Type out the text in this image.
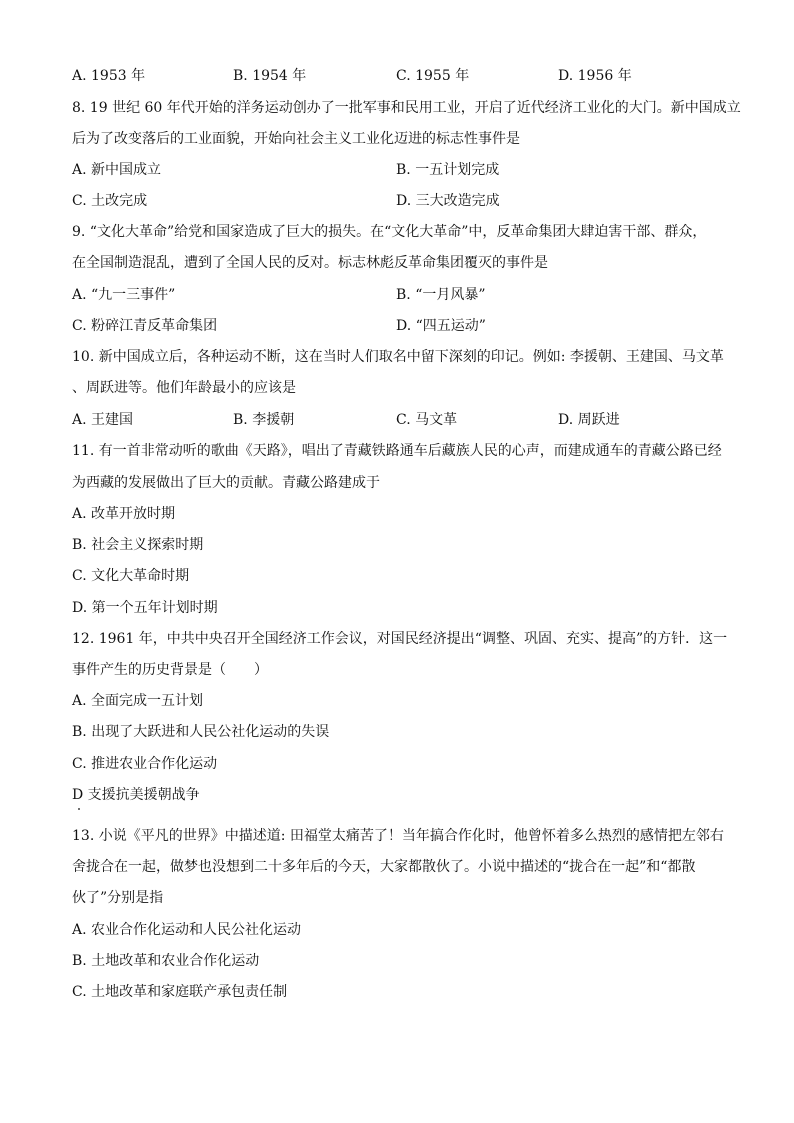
A. 1953 年	B. 1954 年	C. 1955 年	D. 1956 年
8. 19 世纪 60 年代开始的洋务运动创办了一批军事和民用工业，开启了近代经济工业化的大门。新中国成立
后为了改变落后的工业面貌，开始向社会主义工业化迈进的标志性事件是
A. 新中国成立	B. 一五计划完成
C. 土改完成	D. 三大改造完成
9. “文化大革命”给党和国家造成了巨大的损失。在“文化大革命”中，反革命集团大肆迫害干部、群众，
在全国制造混乱，遭到了全国人民的反对。标志林彪反革命集团覆灭的事件是
A. “九一三事件”	B. “一月风暴”
C. 粉碎江青反革命集团	D. “四五运动”
10. 新中国成立后，各种运动不断，这在当时人们取名中留下深刻的印记。例如: 李援朝、王建国、马文革
、周跃进等。他们年龄最小的应该是
A. 王建国	B. 李援朝	C. 马文革	D. 周跃进
11. 有一首非常动听的歌曲《天路》，唱出了青藏铁路通车后藏族人民的心声，而建成通车的青藏公路已经
为西藏的发展做出了巨大的贡献。青藏公路建成于
A. 改革开放时期
B. 社会主义探索时期
C. 文化大革命时期
D. 第一个五年计划时期
12. 1961 年，中共中央召开全国经济工作会议，对国民经济提出“调整、巩固、充实、提高”的方针．这一
事件产生的历史背景是（　　）
A. 全面完成一五计划
B. 出现了大跃进和人民公社化运动的失误
C. 推进农业合作化运动
D 支援抗美援朝战争
13. 小说《平凡的世界》中描述道: 田福堂太痛苦了！当年搞合作化时，他曾怀着多么热烈的感情把左邻右
舍拢合在一起，做梦也没想到二十多年后的今天，大家都散伙了。小说中描述的“拢合在一起”和“都散
伙了”分别是指
A. 农业合作化运动和人民公社化运动
B. 土地改革和农业合作化运动
C. 土地改革和家庭联产承包责任制
